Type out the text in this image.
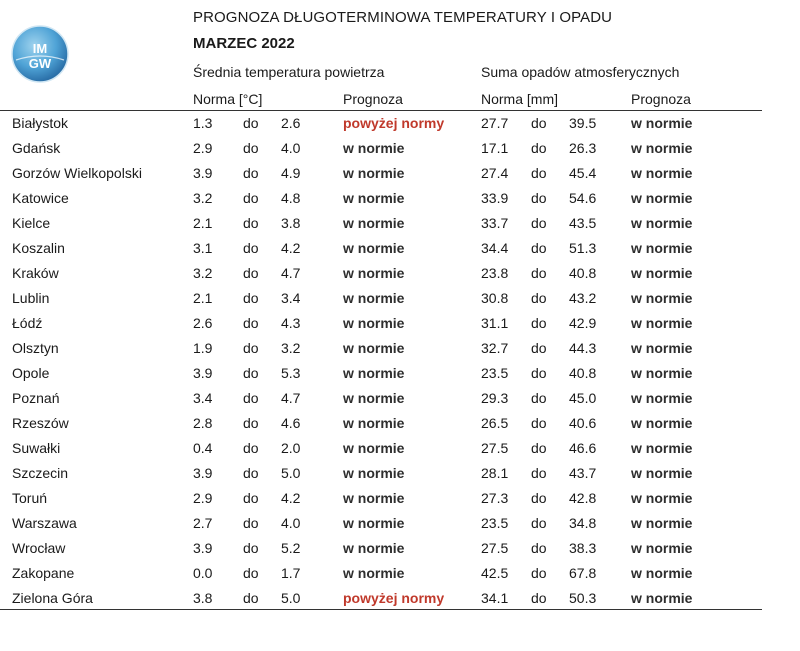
IM
GW
PROGNOZA DŁUGOTERMINOWA TEMPERATURY I OPADU
MARZEC 2022
Średnia temperatura powietrza	Suma opadów atmosferycznych
Norma [°C]	Prognoza	Norma [mm]	Prognoza
Białystok	1.3 do 2.6	powyżej normy	27.7 do 39.5 w normie
Gdańsk	2.9 do 4.0	w normie	17.1 do 26.3 w normie
Gorzów Wielkopolski	3.9 do 4.9	w normie	27.4 do 45.4 w normie
Katowice	3.2 do 4.8	w normie	33.9 do 54.6 w normie
Kielce	2.1 do 3.8	w normie	33.7 do 43.5 w normie
Koszalin	3.1 do 4.2	w normie	34.4 do 51.3 w normie
Kraków	3.2 do 4.7	w normie	23.8 do 40.8 w normie
Lublin	2.1 do 3.4	w normie	30.8 do 43.2 w normie
Łódź	2.6 do 4.3	w normie	31.1 do 42.9 w normie
Olsztyn	1.9 do 3.2	w normie	32.7 do 44.3 w normie
Opole	3.9 do 5.3	w normie	23.5 do 40.8 w normie
Poznań	3.4 do 4.7	w normie	29.3 do 45.0 w normie
Rzeszów	2.8 do 4.6	w normie	26.5 do 40.6 w normie
Suwałki	0.4 do 2.0	w normie	27.5 do 46.6 w normie
Szczecin	3.9 do 5.0	w normie	28.1 do 43.7 w normie
Toruń	2.9 do 4.2	w normie	27.3 do 42.8 w normie
Warszawa	2.7 do 4.0	w normie	23.5 do 34.8 w normie
Wrocław	3.9 do 5.2	w normie	27.5 do 38.3 w normie
Zakopane	0.0 do 1.7	w normie	42.5 do 67.8 w normie
Zielona Góra	3.8 do 5.0	powyżej normy	34.1 do 50.3 w normie
